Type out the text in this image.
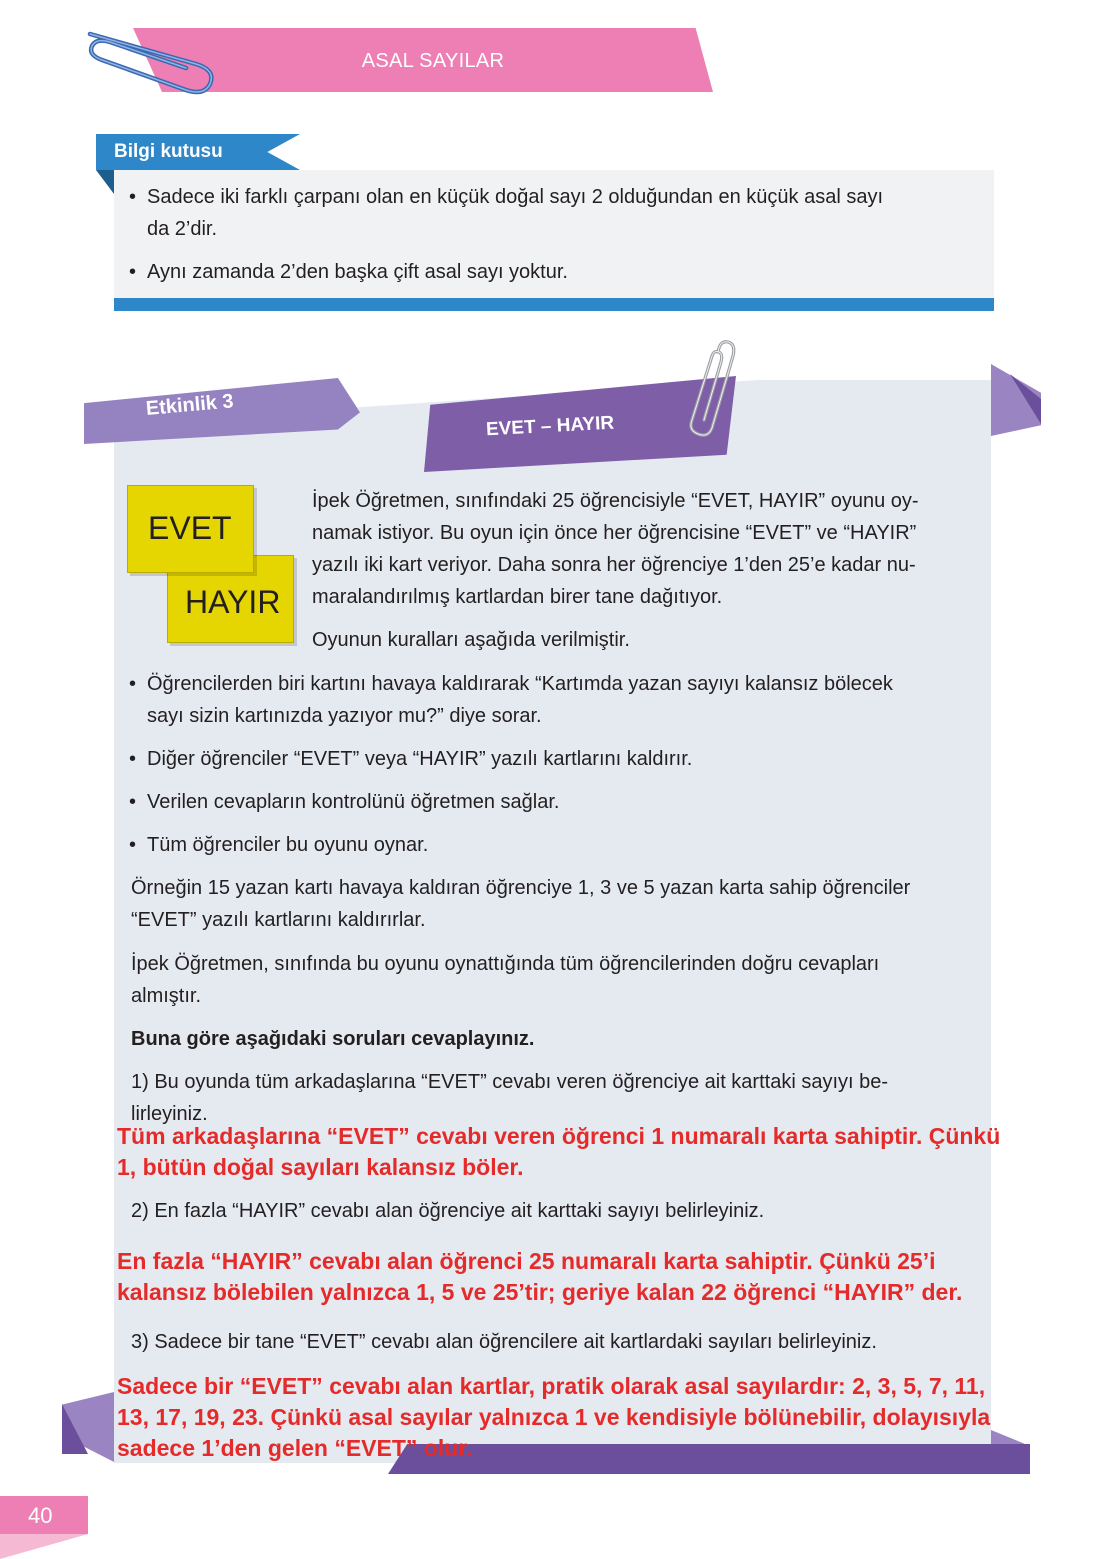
ASAL SAYILAR
Bilgi kutusu
• Sadece iki farklı çarpanı olan en küçük doğal sayı 2 olduğundan en küçük asal sayı
da 2’dir.
• Aynı zamanda 2’den başka çift asal sayı yoktur.
Etkinlik 3
EVET – HAYIR
EVET
HAYIR
İpek Öğretmen, sınıfındaki 25 öğrencisiyle “EVET, HAYIR” oyunu oy-
namak istiyor. Bu oyun için önce her öğrencisine “EVET” ve “HAYIR”
yazılı iki kart veriyor. Daha sonra her öğrenciye 1’den 25’e kadar nu-
maralandırılmış kartlardan birer tane dağıtıyor.
Oyunun kuralları aşağıda verilmiştir.
• Öğrencilerden biri kartını havaya kaldırarak “Kartımda yazan sayıyı kalansız bölecek
sayı sizin kartınızda yazıyor mu?” diye sorar.
• Diğer öğrenciler “EVET” veya “HAYIR” yazılı kartlarını kaldırır.
• Verilen cevapların kontrolünü öğretmen sağlar.
• Tüm öğrenciler bu oyunu oynar.
Örneğin 15 yazan kartı havaya kaldıran öğrenciye 1, 3 ve 5 yazan karta sahip öğrenciler
“EVET” yazılı kartlarını kaldırırlar.
İpek Öğretmen, sınıfında bu oyunu oynattığında tüm öğrencilerinden doğru cevapları
almıştır.
Buna göre aşağıdaki soruları cevaplayınız.
1) Bu oyunda tüm arkadaşlarına “EVET” cevabı veren öğrenciye ait karttaki sayıyı be-
lirleyiniz.
Tüm arkadaşlarına “EVET” cevabı veren öğrenci 1 numaralı karta sahiptir. Çünkü
1, bütün doğal sayıları kalansız böler.
2) En fazla “HAYIR” cevabı alan öğrenciye ait karttaki sayıyı belirleyiniz.
En fazla “HAYIR” cevabı alan öğrenci 25 numaralı karta sahiptir. Çünkü 25’i
kalansız bölebilen yalnızca 1, 5 ve 25’tir; geriye kalan 22 öğrenci “HAYIR” der.
3) Sadece bir tane “EVET” cevabı alan öğrencilere ait kartlardaki sayıları belirleyiniz.
Sadece bir “EVET” cevabı alan kartlar, pratik olarak asal sayılardır: 2, 3, 5, 7, 11,
13, 17, 19, 23. Çünkü asal sayılar yalnızca 1 ve kendisiyle bölünebilir, dolayısıyla
sadece 1’den gelen “EVET” olur.
40
